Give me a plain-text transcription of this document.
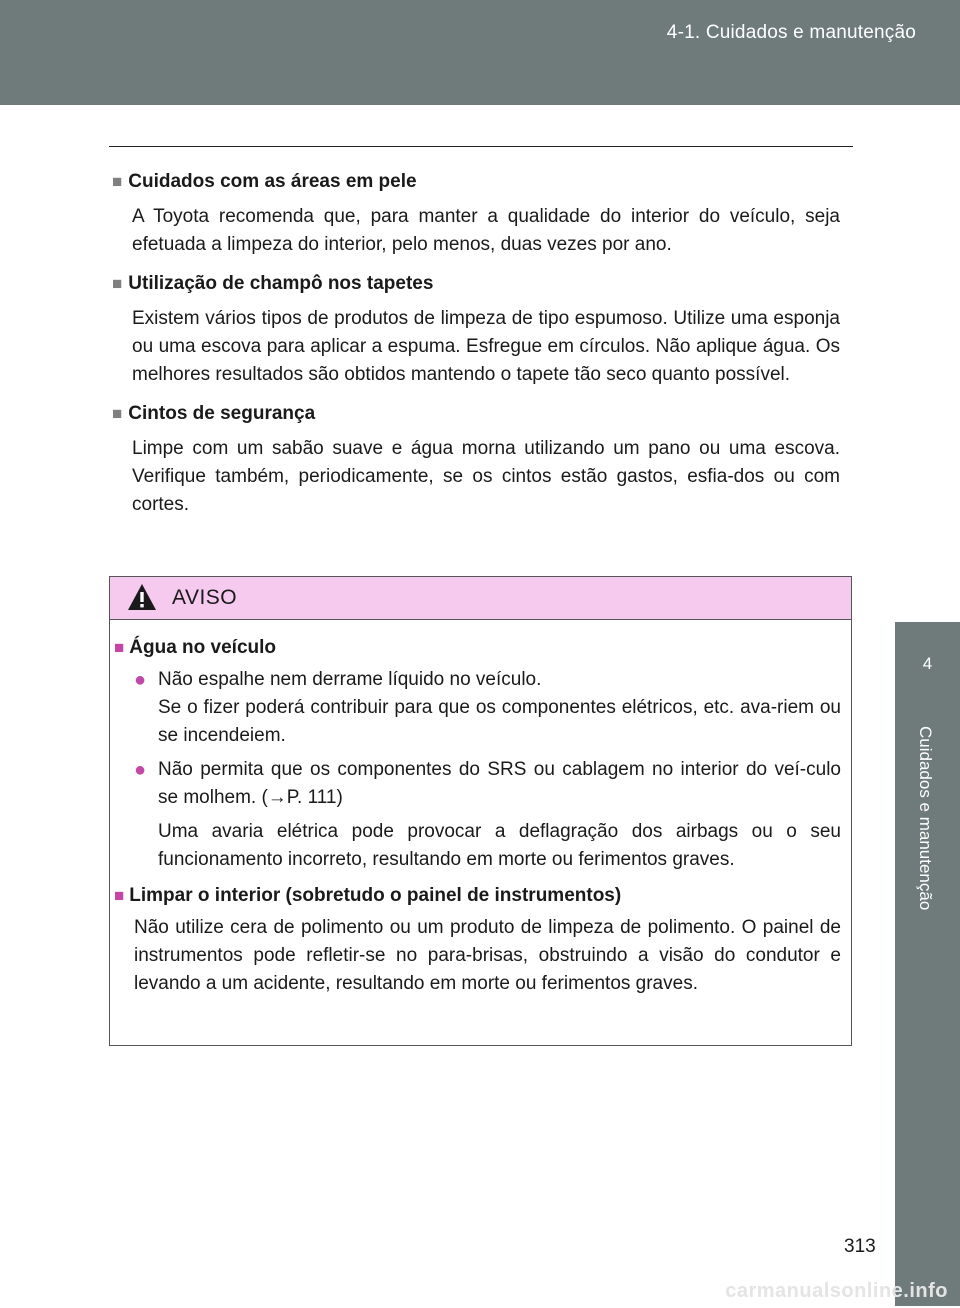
4-1. Cuidados e manutenção
4
Cuidados e manutenção

■ Cuidados com as áreas em pele

A Toyota recomenda que, para manter a qualidade do interior do veículo, seja efetuada a limpeza do interior, pelo menos, duas vezes por ano.

■ Utilização de champô nos tapetes

Existem vários tipos de produtos de limpeza de tipo espumoso. Utilize uma esponja ou uma escova para aplicar a espuma. Esfregue em círculos. Não aplique água. Os melhores resultados são obtidos mantendo o tapete tão seco quanto possível.

■ Cintos de segurança

Limpe com um sabão suave e água morna utilizando um pano ou uma escova. Verifique também, periodicamente, se os cintos estão gastos, esfia-dos ou com cortes.

AVISO

■ Água no veículo

● Não espalhe nem derrame líquido no veículo.
Se o fizer poderá contribuir para que os componentes elétricos, etc. ava-riem ou se incendeiem.
● Não permita que os componentes do SRS ou cablagem no interior do veí-culo se molhem. (→P. 111)

Uma avaria elétrica pode provocar a deflagração dos airbags ou o seu funcionamento incorreto, resultando em morte ou ferimentos graves.

■ Limpar o interior (sobretudo o painel de instrumentos)

Não utilize cera de polimento ou um produto de limpeza de polimento. O painel de instrumentos pode refletir-se no para-brisas, obstruindo a visão do condutor e levando a um acidente, resultando em morte ou ferimentos graves.

313
carmanualsonline.info
